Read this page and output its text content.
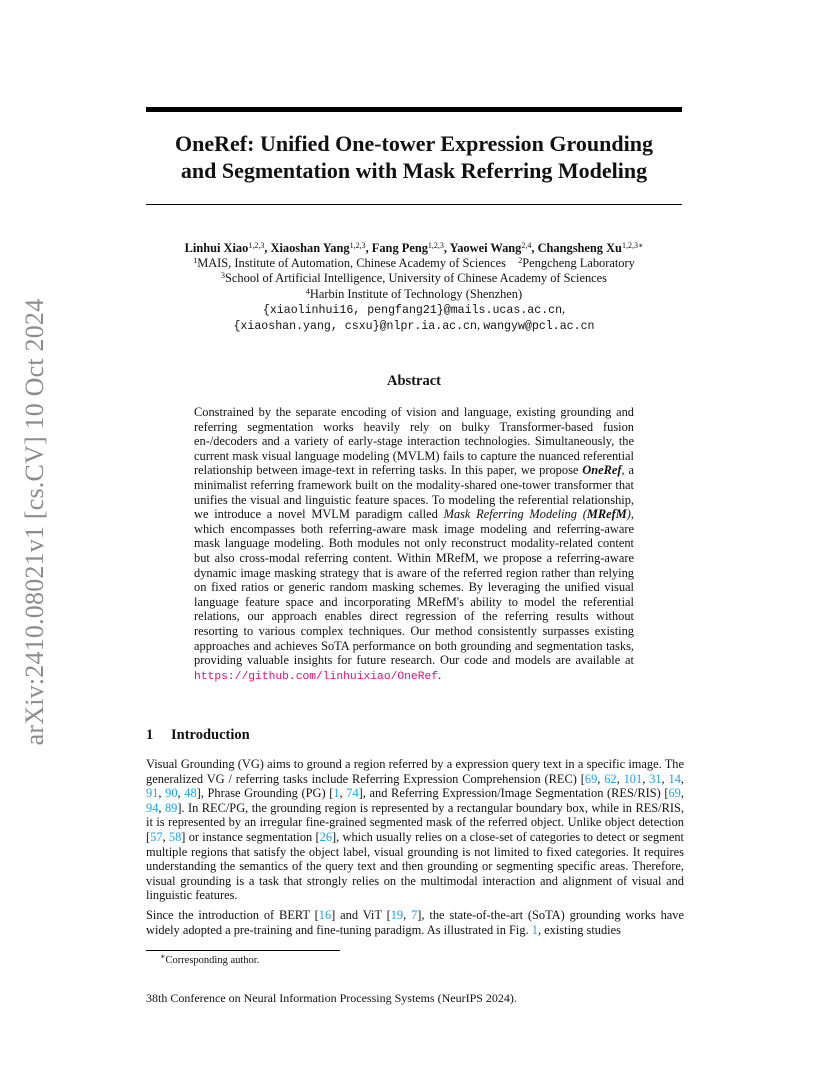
arXiv:2410.08021v1 [cs.CV] 10 Oct 2024
OneRef: Unified One-tower Expression Grounding
and Segmentation with Mask Referring Modeling
Linhui Xiao$^{1,2,3}$, Xiaoshan Yang$^{1,2,3}$, Fang Peng$^{1,2,3}$, Yaowei Wang$^{2,4}$, Changsheng $Xu^{1,2,3∗}$
$^1$MAIS, Institute of Automation, Chinese Academy of Sciences $^2$Pengcheng Laboratory
$^3$School of Artificial Intelligence, University of Chinese Academy of Sciences
$^4$Harbin Institute of Technology (Shenzhen)
{xiaolinhui16, pengfang21}@mails.ucas.ac.cn,
{xiaoshan.yang, csxu}@nlpr.ia.ac.cn, wangyw@pcl.ac.cn
Abstract
Constrained by the separate encoding of vision and language, existing grounding and referring segmentation works heavily rely on bulky Transformer-based fusion en-/decoders and a variety of early-stage interaction technologies. Simultaneously, the current mask visual language modeling (MVLM) fails to capture the nuanced referential relationship between image-text in referring tasks. In this paper, we propose OneRef, a minimalist referring framework built on the modality-shared one-tower transformer that unifies the visual and linguistic feature spaces. To modeling the referential relationship, we introduce a novel MVLM paradigm called Mask Referring Modeling (MRefM), which encompasses both referring-aware mask image modeling and referring-aware mask language modeling. Both modules not only reconstruct modality-related content but also cross-modal referring content. Within MRefM, we propose a referring-aware dynamic image masking strategy that is aware of the referred region rather than relying on fixed ratios or generic random masking schemes. By leveraging the unified visual language feature space and incorporating MRefM's ability to model the referential relations, our approach enables direct regression of the referring results without resorting to various complex techniques. Our method consistently surpasses existing approaches and achieves SoTA performance on both grounding and segmentation tasks, providing valuable insights for future research. Our code and models are available at https://github.com/linhuixiao/OneRef.
1 Introduction

Visual Grounding (VG) aims to ground a region referred by a expression query text in a specific image. The generalized VG / referring tasks include Referring Expression Comprehension (REC) [69, 62, 101, 31, 14, 91, 90, 48], Phrase Grounding (PG) [1, 74], and Referring Expression/Image Segmentation (RES/RIS) [69, 94, 89]. In REC/PG, the grounding region is represented by a rectangular boundary box, while in RES/RIS, it is represented by an irregular fine-grained segmented mask of the referred object. Unlike object detection [57, 58] or instance segmentation [26], which usually relies on a close-set of categories to detect or segment multiple regions that satisfy the object label, visual grounding is not limited to fixed categories. It requires understanding the semantics of the query text and then grounding or segmenting specific areas. Therefore, visual grounding is a task that strongly relies on the multimodal interaction and alignment of visual and linguistic features.

Since the introduction of BERT [16] and ViT [19, 7], the state-of-the-art (SoTA) grounding works have widely adopted a pre-training and fine-tuning paradigm. As illustrated in Fig. 1, existing studies

∗Corresponding author.
38th Conference on Neural Information Processing Systems (NeurIPS 2024).
